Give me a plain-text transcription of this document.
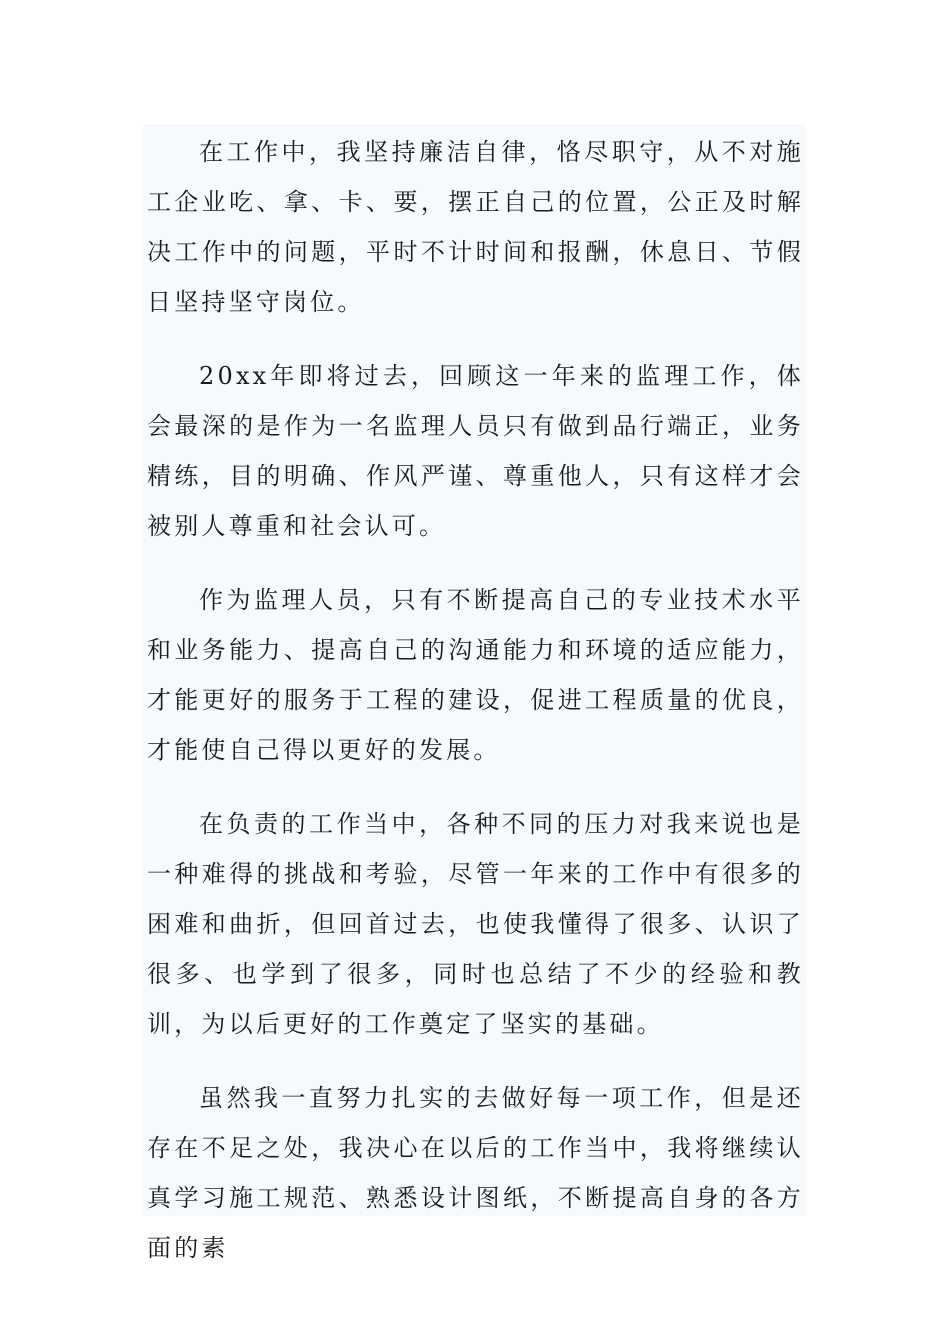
在工作中，我坚持廉洁自律，恪尽职守，从不对施工企业吃、拿、卡、要，摆正自己的位置，公正及时解决工作中的问题，平时不计时间和报酬，休息日、节假日坚持坚守岗位。

20xx年即将过去，回顾这一年来的监理工作，体会最深的是作为一名监理人员只有做到品行端正，业务精练，目的明确、作风严谨、尊重他人，只有这样才会被别人尊重和社会认可。

作为监理人员，只有不断提高自己的专业技术水平和业务能力、提高自己的沟通能力和环境的适应能力，才能更好的服务于工程的建设，促进工程质量的优良，才能使自己得以更好的发展。

在负责的工作当中，各种不同的压力对我来说也是一种难得的挑战和考验，尽管一年来的工作中有很多的困难和曲折，但回首过去，也使我懂得了很多、认识了很多、也学到了很多，同时也总结了不少的经验和教训，为以后更好的工作奠定了坚实的基础。

虽然我一直努力扎实的去做好每一项工作，但是还存在不足之处，我决心在以后的工作当中，我将继续认真学习施工规范、熟悉设计图纸，不断提高自身的各方面的素
